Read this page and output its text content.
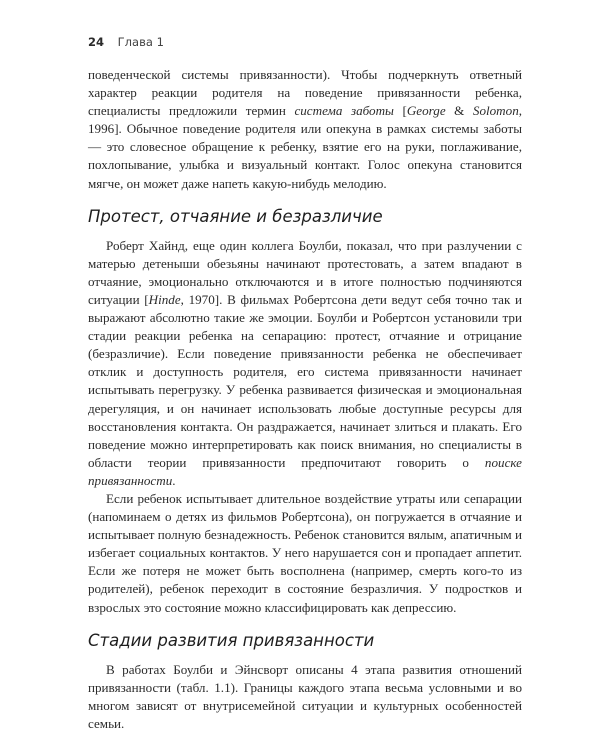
24 Глава 1

поведенческой системы привязанности). Чтобы подчеркнуть ответный характер реакции родителя на поведение привязанности ребенка, специалисты предложили термин система заботы [George & Solomon, 1996]. Обычное поведение родителя или опекуна в рамках системы заботы — это словесное обращение к ребенку, взятие его на руки, поглаживание, похлопывание, улыбка и визуальный контакт. Голос опекуна становится мягче, он может даже напеть какую-нибудь мелодию.

Протест, отчаяние и безразличие

Роберт Хайнд, еще один коллега Боулби, показал, что при разлучении с матерью детеныши обезьяны начинают протестовать, а затем впадают в отчаяние, эмоционально отключаются и в итоге полностью подчиняются ситуации [Hinde, 1970]. В фильмах Робертсона дети ведут себя точно так и выражают абсолютно такие же эмоции. Боулби и Робертсон установили три стадии реакции ребенка на сепарацию: протест, отчаяние и отрицание (безразличие). Если поведение привязанности ребенка не обеспечивает отклик и доступность родителя, его система привязанности начинает испытывать перегрузку. У ребенка развивается физическая и эмоциональная дерегуляция, и он начинает использовать любые доступные ресурсы для восстановления контакта. Он раздражается, начинает злиться и плакать. Его поведение можно интерпретировать как поиск внимания, но специалисты в области теории привязанности предпочитают говорить о поиске привязанности.

Если ребенок испытывает длительное воздействие утраты или сепарации (напоминаем о детях из фильмов Робертсона), он погружается в отчаяние и испытывает полную безнадежность. Ребенок становится вялым, апатичным и избегает социальных контактов. У него нарушается сон и пропадает аппетит. Если же потеря не может быть восполнена (например, смерть кого-то из родителей), ребенок переходит в состояние безразличия. У подростков и взрослых это состояние можно классифицировать как депрессию.

Стадии развития привязанности

В работах Боулби и Эйнсворт описаны 4 этапа развития отношений привязанности (табл. 1.1). Границы каждого этапа весьма условными и во многом зависят от внутрисемейной ситуации и культурных особенностей семьи.
